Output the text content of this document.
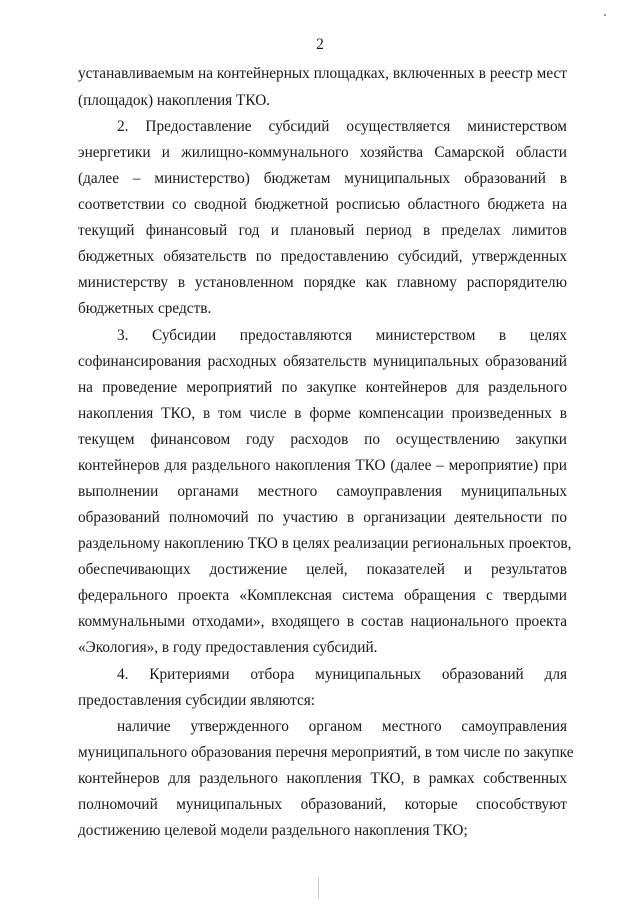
2
устанавливаемым на контейнерных площадках, включенных в реестр мест
(площадок) накопления ТКО.
2. Предоставление субсидий осуществляется министерством
энергетики и жилищно-коммунального хозяйства Самарской области
(далее – министерство) бюджетам муниципальных образований в
соответствии со сводной бюджетной росписью областного бюджета на
текущий финансовый год и плановый период в пределах лимитов
бюджетных обязательств по предоставлению субсидий, утвержденных
министерству в установленном порядке как главному распорядителю
бюджетных средств.
3. Субсидии предоставляются министерством в целях
софинансирования расходных обязательств муниципальных образований
на проведение мероприятий по закупке контейнеров для раздельного
накопления ТКО, в том числе в форме компенсации произведенных в
текущем финансовом году расходов по осуществлению закупки
контейнеров для раздельного накопления ТКО (далее – мероприятие) при
выполнении органами местного самоуправления муниципальных
образований полномочий по участию в организации деятельности по
раздельному накоплению ТКО в целях реализации региональных проектов,
обеспечивающих достижение целей, показателей и результатов
федерального проекта «Комплексная система обращения с твердыми
коммунальными отходами», входящего в состав национального проекта
«Экология», в году предоставления субсидий.
4. Критериями отбора муниципальных образований для
предоставления субсидии являются:
наличие утвержденного органом местного самоуправления
муниципального образования перечня мероприятий, в том числе по закупке
контейнеров для раздельного накопления ТКО, в рамках собственных
полномочий муниципальных образований, которые способствуют
достижению целевой модели раздельного накопления ТКО;
